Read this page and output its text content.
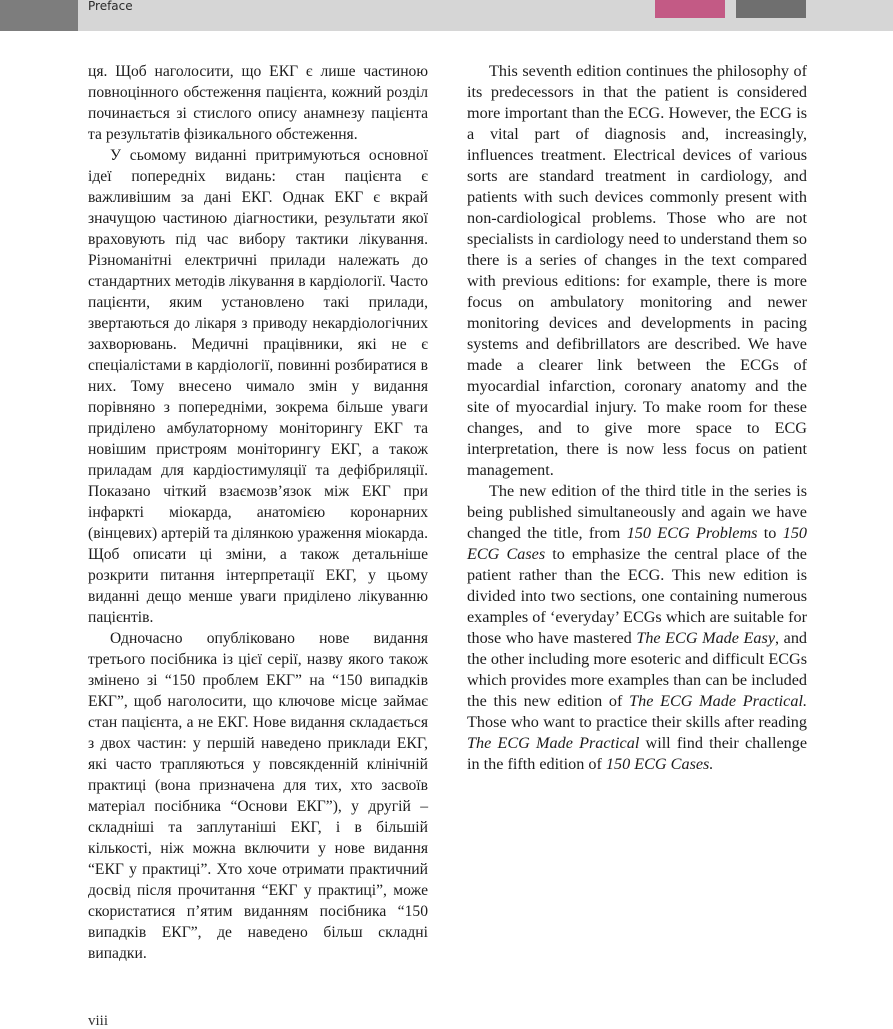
Preface

ця. Щоб наголосити, що ЕКГ є лише частиною повноцінного обстеження пацієнта, кожний розділ починається зі стислого опису анамнезу пацієнта та результатів фізикального обстеження.

У сьомому виданні притримуються основної ідеї попередніх видань: стан пацієнта є важливішим за дані ЕКГ. Однак ЕКГ є вкрай значущою частиною діагностики, результати якої враховують під час вибору тактики лікування. Різноманітні електричні прилади належать до стандартних методів лікування в кардіології. Часто пацієнти, яким установлено такі прилади, звертаються до лікаря з приводу некардіологічних захворювань. Медичні працівники, які не є спеціалістами в кардіології, повинні розбиратися в них. Тому внесено чимало змін у видання порівняно з попередніми, зокрема більше уваги приділено амбулаторному моніторингу ЕКГ та новішим пристроям моніторингу ЕКГ, а також приладам для кардіостимуляції та дефібриляції. Показано чіткий взаємозв’язок між ЕКГ при інфаркті міокарда, анатомією коронарних (вінцевих) артерій та ділянкою ураження міокарда. Щоб описати ці зміни, а також детальніше розкрити питання інтерпретації ЕКГ, у цьому виданні дещо менше уваги приділено лікуванню пацієнтів.

Одночасно опубліковано нове видання третього посібника із цієї серії, назву якого також змінено зі “150 проблем ЕКГ” на “150 випадків ЕКГ”, щоб наголосити, що ключове місце займає стан пацієнта, а не ЕКГ. Нове видання складається з двох частин: у першій наведено приклади ЕКГ, які часто трапляються у повсякденній клінічній практиці (вона призначена для тих, хто засвоїв матеріал посібника “Основи ЕКГ”), у другій – складніші та заплутаніші ЕКГ, і в більшій кількості, ніж можна включити у нове видання “ЕКГ у практиці”. Хто хоче отримати практичний досвід після прочитання “ЕКГ у практиці”, може скористатися п’ятим виданням посібника “150 випадків ЕКГ”, де наведено більш складні випадки.

This seventh edition continues the philosophy of its predecessors in that the patient is considered more important than the ECG. However, the ECG is a vital part of diagnosis and, increasingly, influences treatment. Electrical devices of various sorts are standard treatment in cardiology, and patients with such devices commonly present with non-cardiological problems. Those who are not specialists in cardiology need to understand them so there is a series of changes in the text compared with previous editions: for example, there is more focus on ambulatory monitoring and newer monitoring devices and developments in pacing systems and defibrillators are described. We have made a clearer link between the ECGs of myocardial infarction, coronary anatomy and the site of myocardial injury. To make room for these changes, and to give more space to ECG interpretation, there is now less focus on patient management.

The new edition of the third title in the series is being published simultaneously and again we have changed the title, from 150 ECG Problems to 150 ECG Cases to emphasize the central place of the patient rather than the ECG. This new edition is divided into two sections, one containing numerous examples of ‘everyday’ ECGs which are suitable for those who have mastered The ECG Made Easy, and the other including more esoteric and difficult ECGs which provides more examples than can be included the this new edition of The ECG Made Practical. Those who want to practice their skills after reading The ECG Made Practical will find their challenge in the fifth edition of 150 ECG Cases.

viii
